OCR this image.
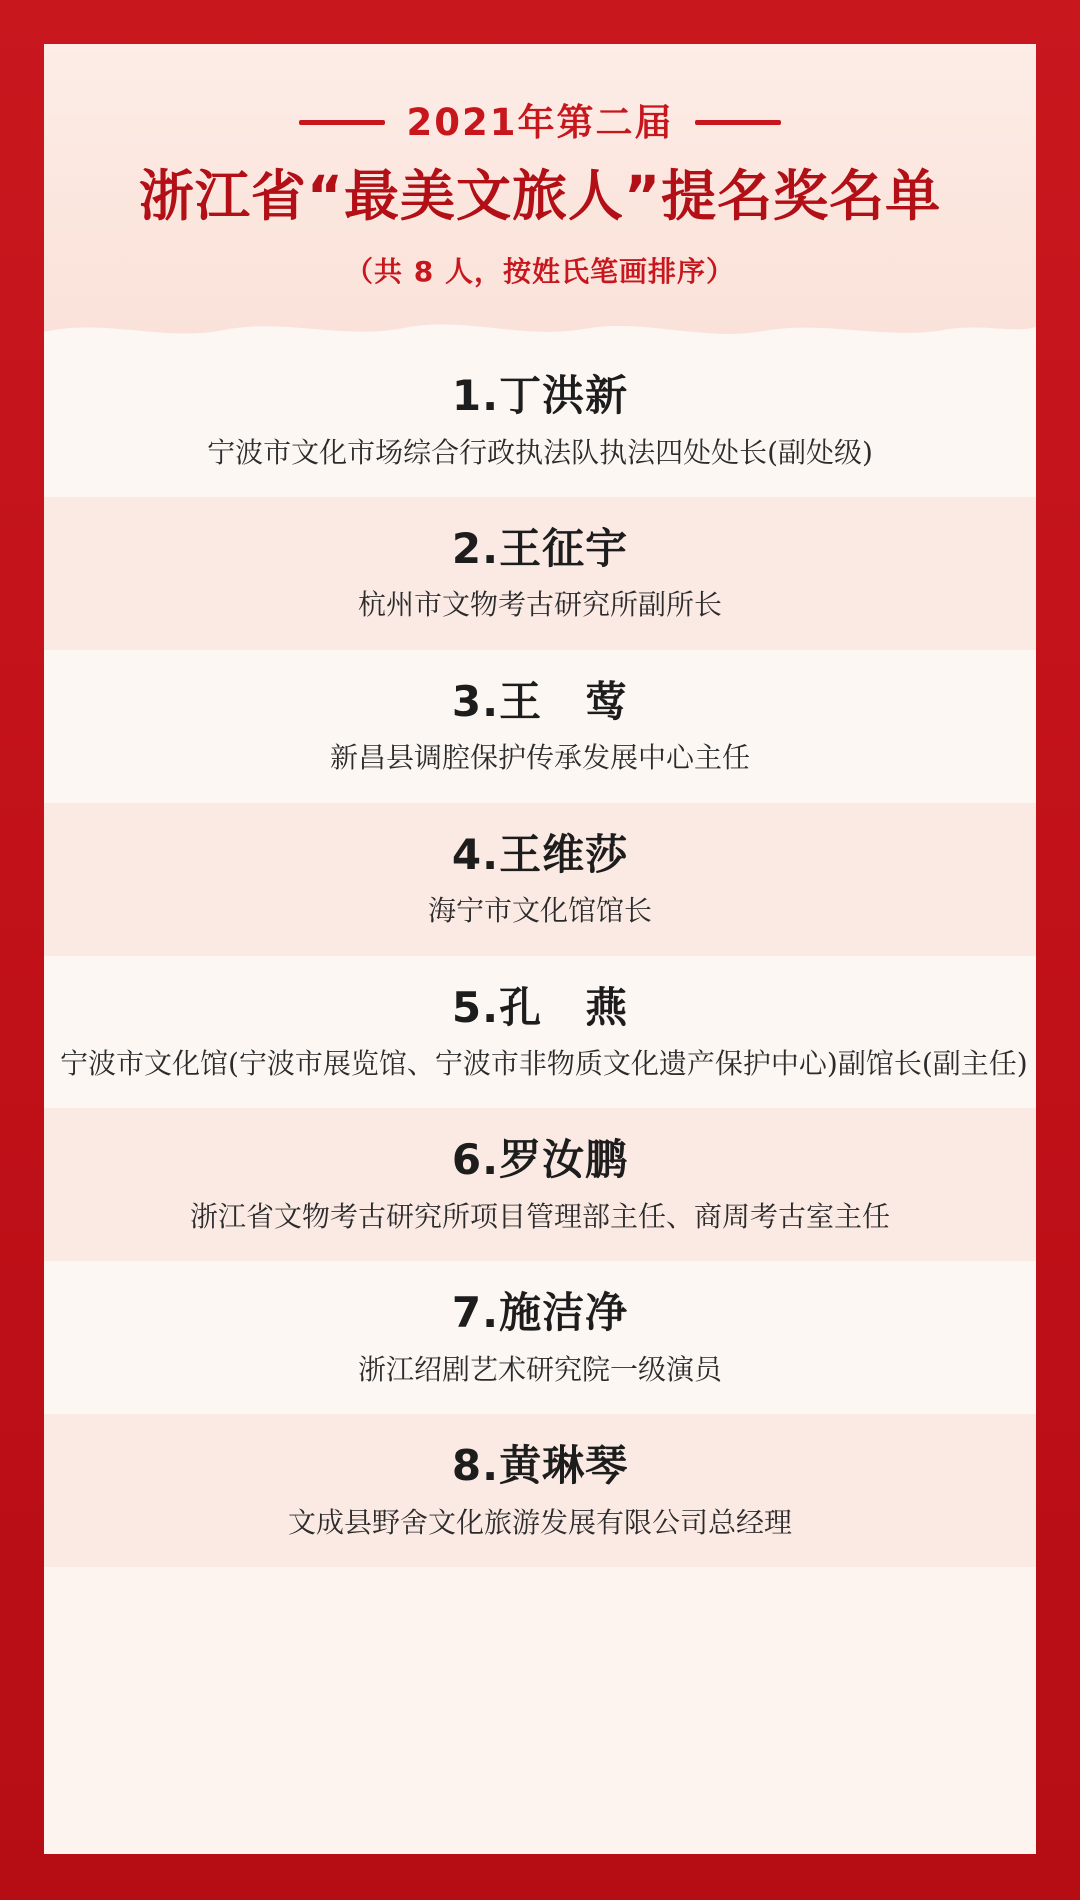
2021年第二届
浙江省“最美文旅人”提名奖名单
（共 8 人，按姓氏笔画排序）
1.丁洪新
宁波市文化市场综合行政执法队执法四处处长(副处级)
2.王征宇
杭州市文物考古研究所副所长
3.王　莺
新昌县调腔保护传承发展中心主任
4.王维莎
海宁市文化馆馆长
5.孔　燕
宁波市文化馆(宁波市展览馆、宁波市非物质文化遗产保护中心)副馆长(副主任)
6.罗汝鹏
浙江省文物考古研究所项目管理部主任、商周考古室主任
7.施洁净
浙江绍剧艺术研究院一级演员
8.黄琳琴
文成县野舍文化旅游发展有限公司总经理
